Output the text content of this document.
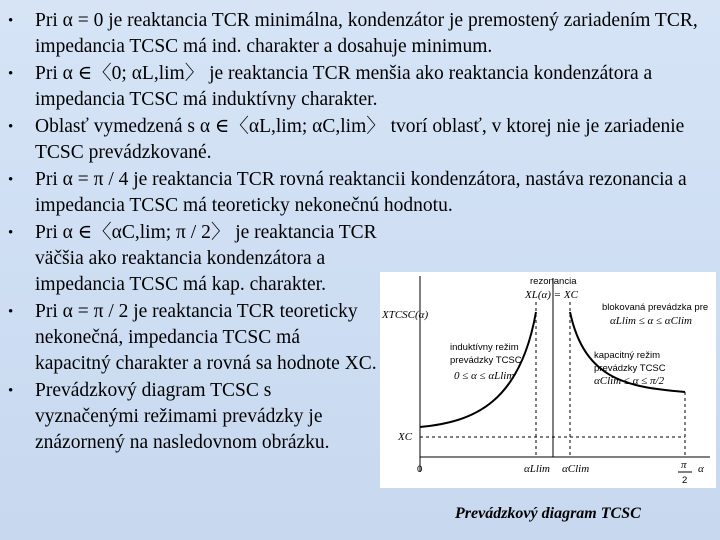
• Pri α = 0 je reaktancia TCR minimálna, kondenzátor je premostený zariadením TCR, impedancia TCSC má ind. charakter a dosahuje minimum.
• Pri α ∈〈0; αL,lim〉 je reaktancia TCR menšia ako reaktancia kondenzátora a impedancia TCSC má induktívny charakter.
• Oblasť vymedzená s α ∈〈αL,lim; αC,lim〉 tvorí oblasť, v ktorej nie je zariadenie TCSC prevádzkované.
• Pri α = π / 4 je reaktancia TCR rovná reaktancii kondenzátora, nastáva rezonancia a impedancia TCSC má teoreticky nekonečnú hodnotu.
• Pri α ∈〈αC,lim; π / 2〉 je reaktancia TCR väčšia ako reaktancia kondenzátora a impedancia TCSC má kap. charakter.
• Pri α = π / 2 je reaktancia TCR teoreticky nekonečná, impedancia TCSC má kapacitný charakter a rovná sa hodnote XC.
• Prevádzkový diagram TCSC s vyznačenými režimami prevádzky je znázornený na nasledovnom obrázku.
rezonancia
XL(α) = XC
blokovaná prevádzka pre
αLlim ≤ α ≤ αClim
XTCSC(α)
induktívny režim
prevádzky TCSC
0 ≤ α ≤ αLlim
kapacitný režim
prevádzky TCSC
αClim ≤ α ≤ π/2
XC
0	αLlim αClim	π
2
α
Prevádzkový diagram TCSC
